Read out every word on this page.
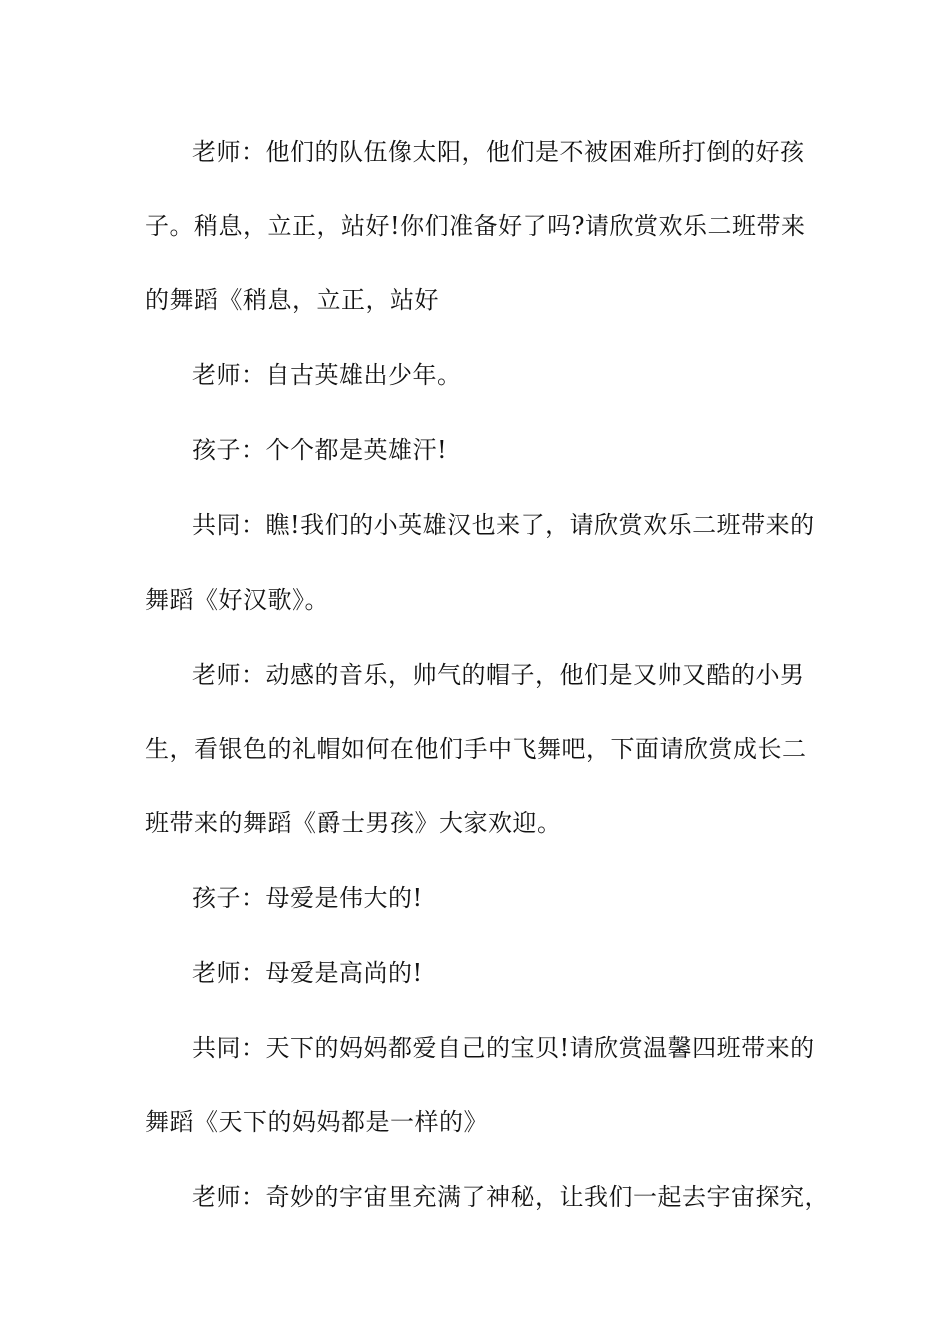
老师：他们的队伍像太阳，他们是不被困难所打倒的好孩
子。稍息，立正，站好!你们准备好了吗?请欣赏欢乐二班带来
的舞蹈《稍息，立正，站好
老师：自古英雄出少年。
孩子：个个都是英雄汗!
共同：瞧!我们的小英雄汉也来了，请欣赏欢乐二班带来的
舞蹈《好汉歌》。
老师：动感的音乐，帅气的帽子，他们是又帅又酷的小男
生，看银色的礼帽如何在他们手中飞舞吧，下面请欣赏成长二
班带来的舞蹈《爵士男孩》大家欢迎。
孩子：母爱是伟大的!
老师：母爱是高尚的!
共同：天下的妈妈都爱自己的宝贝!请欣赏温馨四班带来的
舞蹈《天下的妈妈都是一样的》
老师：奇妙的宇宙里充满了神秘，让我们一起去宇宙探究，
